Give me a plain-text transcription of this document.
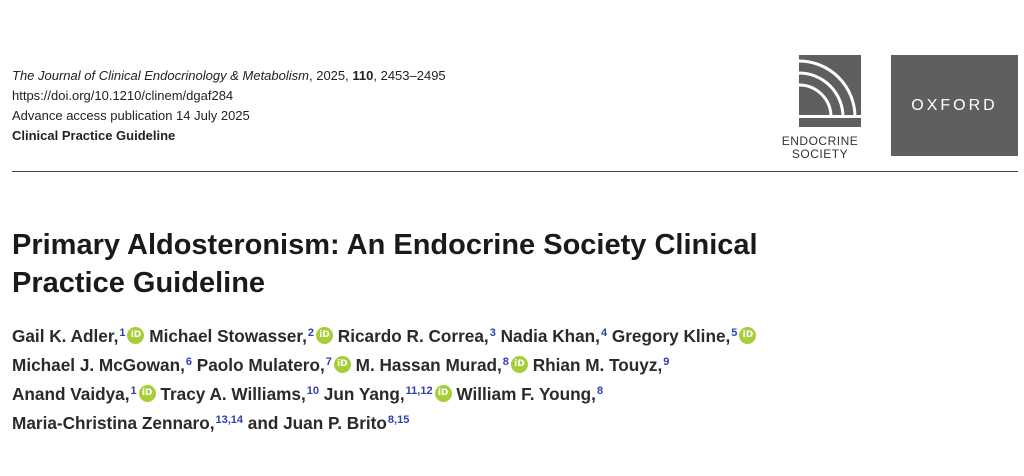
The Journal of Clinical Endocrinology & Metabolism, 2025, 110, 2453–2495
https://doi.org/10.1210/clinem/dgaf284
Advance access publication 14 July 2025
Clinical Practice Guideline	ENDOCRINE
SOCIETY
OXFORD
Primary Aldosteronism: An Endocrine Society Clinical
Practice Guideline
Gail K. Adler,$^1$ iD Michael Stowasser,$^2$ iD Ricardo R. Correa,$^3$ Nadia Khan,$^4$ Gregory Kline,$^5$iD
Michael J. McGowan,$^6$ Paolo Mulatero,$^7$ iD M. Hassan Murad,$^8$ iD Rhian M. Touyz,$^9$
Anand Vaidya,$^1$ iD Tracy A. Williams,$^{10}$ Jun Yang,$^{11,12}$ iD William F. Young,$^8$
Maria-Christina Zennaro,$^{13,14}$ and Juan P. Brito$^{8,15}$
